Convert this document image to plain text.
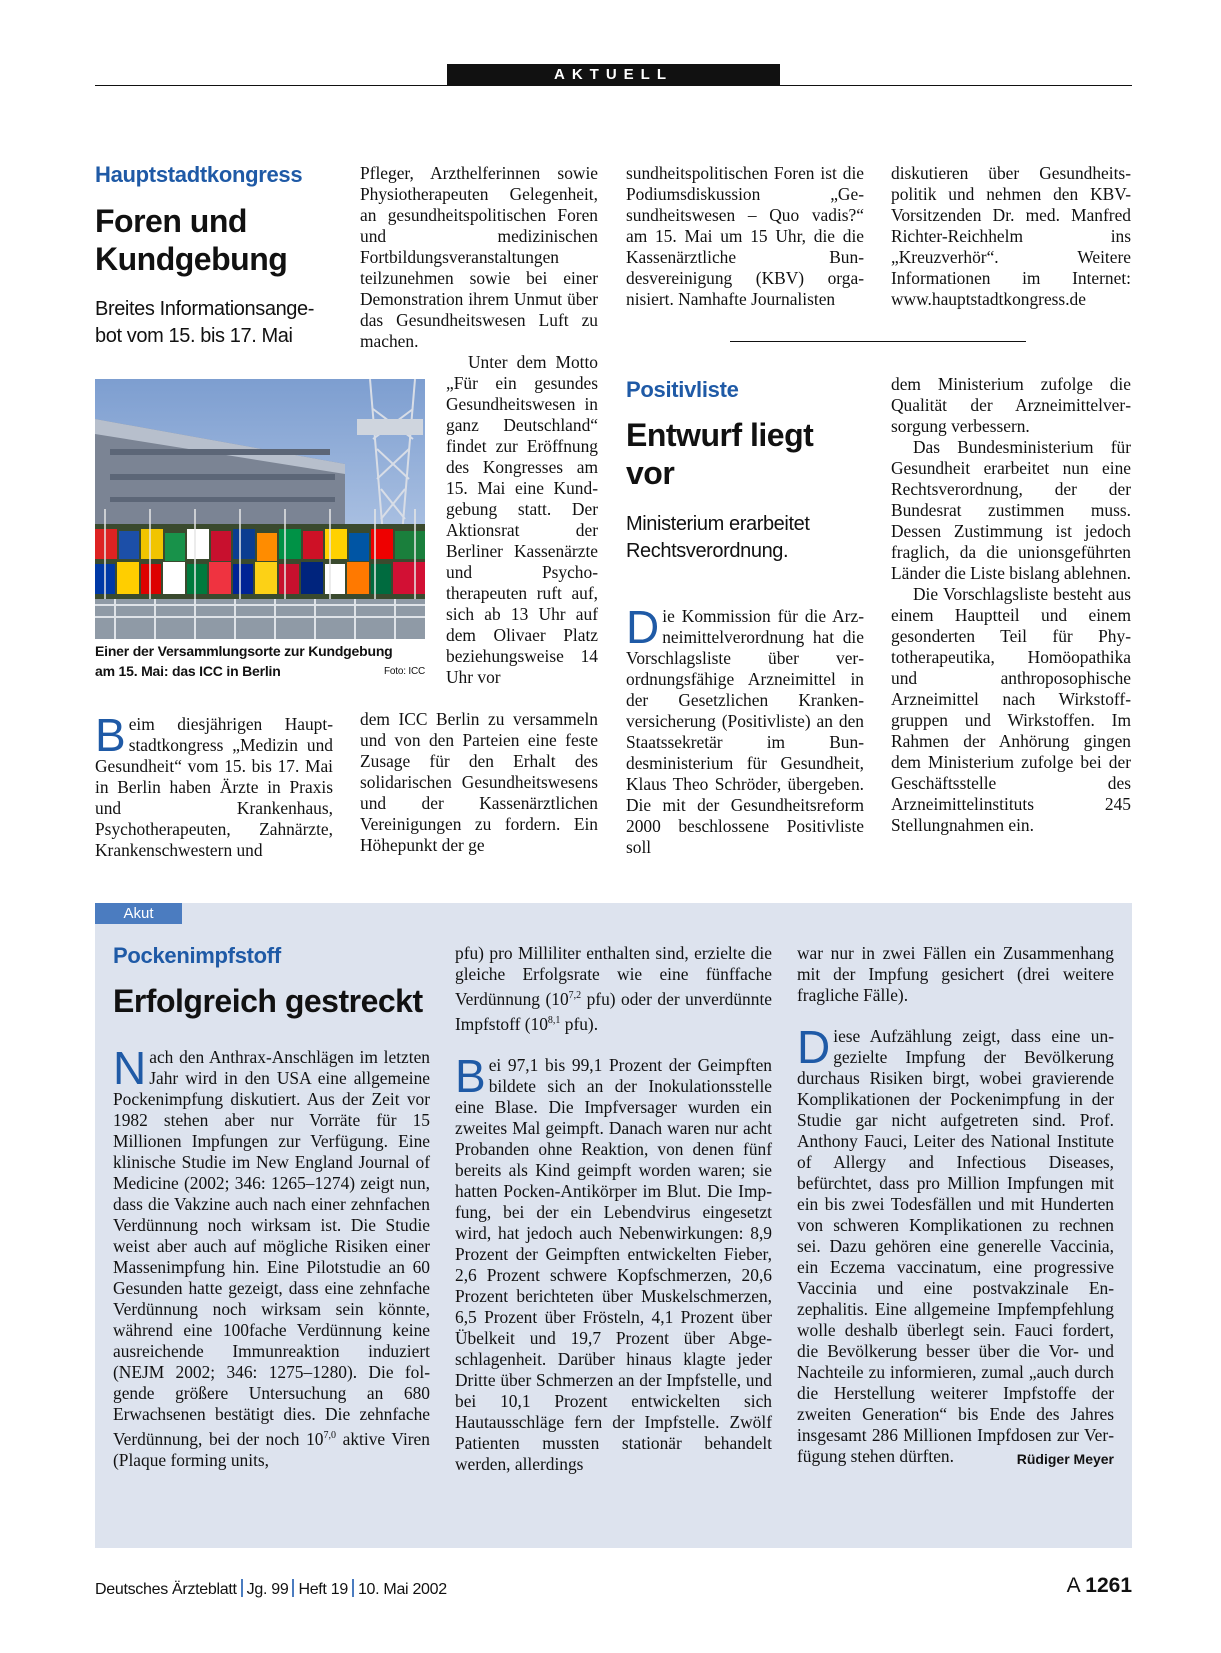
AKTUELL
Hauptstadtkongress
Foren und
Kundgebung
Breites Informationsange-
bot vom 15. bis 17. Mai
Einer der Versammlungsorte zur Kundgebung
am 15. Mai: das ICC in Berlin	Foto: ICC

Beim diesjährigen Hauptstadtkongress „Medizin und Gesundheit“ vom 15. bis 17. Mai in Berlin haben Ärzte in Praxis und Krankenhaus, Psychotherapeuten, Zahnärzte, Krankenschwestern und

Pfleger, Arzthelferinnen sowie Physiotherapeuten Gelegenheit, an gesundheitspolitischen Foren und medizinischen Fortbildungsveranstaltungen teilzunehmen sowie bei einer Demonstration ihrem Unmut über das Gesundheitswesen Luft zu machen.

Unter dem Motto „Für ein gesundes Gesundheitswesen in ganz Deutschland“ findet zur Eröffnung des Kongresses am 15. Mai eine Kundgebung statt. Der Aktionsrat der Berliner Kassenärzte und Psychotherapeuten ruft auf, sich ab 13 Uhr auf dem Olivaer Platz beziehungsweise 14 Uhr vor

dem ICC Berlin zu versammeln und von den Parteien eine feste Zusage für den Erhalt des solidarischen Gesundheitswesens und der Kassenärztlichen Vereinigungen zu fordern. Ein Höhepunkt der ge

sundheitspolitischen Foren ist die Podiumsdiskussion „Gesundheitswesen – Quo vadis?“ am 15. Mai um 15 Uhr, die die Kassenärztliche Bundesvereinigung (KBV) organisiert. Namhafte Journalisten

diskutieren über Gesundheitspolitik und nehmen den KBV-Vorsitzenden Dr. med. Manfred Richter-Reichhelm ins „Kreuzverhör“. Weitere Informationen im Internet: www.hauptstadtkongress.de

Positivliste
Entwurf liegt
vor
Ministerium erarbeitet
Rechtsverordnung.

Die Kommission für die Arzneimittelverordnung hat die Vorschlagsliste über verordnungsfähige Arzneimittel in der Gesetzlichen Krankenversicherung (Positivliste) an den Staatssekretär im Bundesministerium für Gesundheit, Klaus Theo Schröder, übergeben. Die mit der Gesundheitsreform 2000 beschlossene Positivliste soll

dem Ministerium zufolge die Qualität der Arzneimittelversorgung verbessern.

Das Bundesministerium für Gesundheit erarbeitet nun eine Rechtsverordnung, der der Bundesrat zustimmen muss. Dessen Zustimmung ist jedoch fraglich, da die unionsgeführten Länder die Liste bislang ablehnen.

Die Vorschlagsliste besteht aus einem Hauptteil und einem gesonderten Teil für Phytotherapeutika, Homöopathika und anthroposophische Arzneimittel nach Wirkstoffgruppen und Wirkstoffen. Im Rahmen der Anhörung gingen dem Ministerium zufolge bei der Geschäftsstelle des Arzneimittelinstituts 245 Stellungnahmen ein.

Akut
Pockenimpfstoff
Erfolgreich gestreckt

Nach den Anthrax-Anschlägen im letzten Jahr wird in den USA eine allgemeine Pockenimpfung diskutiert. Aus der Zeit vor 1982 stehen aber nur Vorräte für 15 Millionen Impfungen zur Verfügung. Eine klinische Studie im New England Journal of Medicine (2002; 346: 1265–1274) zeigt nun, dass die Vakzine auch nach einer zehnfachen Verdünnung noch wirksam ist. Die Studie weist aber auch auf mögliche Risiken einer Massenimpfung hin. Eine Pilotstudie an 60 Gesunden hatte gezeigt, dass eine zehnfache Verdünnung noch wirksam sein könnte, während eine 100fache Verdünnung keine ausreichende Immunreaktion induziert (NEJM 2002; 346: 1275–1280). Die folgende größere Untersuchung an 680 Erwachsenen bestätigt dies. Die zehnfache Verdünnung, bei der noch 10$^{7,0}$ aktive Viren (Plaque forming units,

pfu) pro Milliliter enthalten sind, erzielte die gleiche Erfolgsrate wie eine fünffache Verdünnung (10$^{7,2}$ pfu) oder der unverdünnte Impfstoff (10$^{8,1}$ pfu).

Bei 97,1 bis 99,1 Prozent der Geimpften bildete sich an der Inokulationsstelle eine Blase. Die Impfversager wurden ein zweites Mal geimpft. Danach waren nur acht Probanden ohne Reaktion, von denen fünf bereits als Kind geimpft worden waren; sie hatten Pocken-Antikörper im Blut. Die Impfung, bei der ein Lebendvirus eingesetzt wird, hat jedoch auch Nebenwirkungen: 8,9 Prozent der Geimpften entwickelten Fieber, 2,6 Prozent schwere Kopfschmerzen, 20,6 Prozent berichteten über Muskelschmerzen, 6,5 Prozent über Frösteln, 4,1 Prozent über Übelkeit und 19,7 Prozent über Abgeschlagenheit. Darüber hinaus klagte jeder Dritte über Schmerzen an der Impfstelle, und bei 10,1 Prozent entwickelten sich Hautausschläge fern der Impfstelle. Zwölf Patienten mussten stationär behandelt werden, allerdings

war nur in zwei Fällen ein Zusammenhang mit der Impfung gesichert (drei weitere fragliche Fälle).

Diese Aufzählung zeigt, dass eine ungezielte Impfung der Bevölkerung durchaus Risiken birgt, wobei gravierende Komplikationen der Pockenimpfung in der Studie gar nicht aufgetreten sind. Prof. Anthony Fauci, Leiter des National Institute of Allergy and Infectious Diseases, befürchtet, dass pro Million Impfungen mit ein bis zwei Todesfällen und mit Hunderten von schweren Komplikationen zu rechnen sei. Dazu gehören eine generelle Vaccinia, ein Eczema vaccinatum, eine progressive Vaccinia und eine postvakzinale Enzephalitis. Eine allgemeine Impfempfehlung wolle deshalb überlegt sein. Fauci fordert, die Bevölkerung besser über die Vor- und Nachteile zu informieren, zumal „auch durch die Herstellung weiterer Impfstoffe der zweiten Generation“ bis Ende des Jahres insgesamt 286 Millionen Impfdosen zur Verfügung stehen dürften.	Rüdiger Meyer

Deutsches Ärzteblatt Jg. 99 Heft 19 10. Mai 2002	A 1261
